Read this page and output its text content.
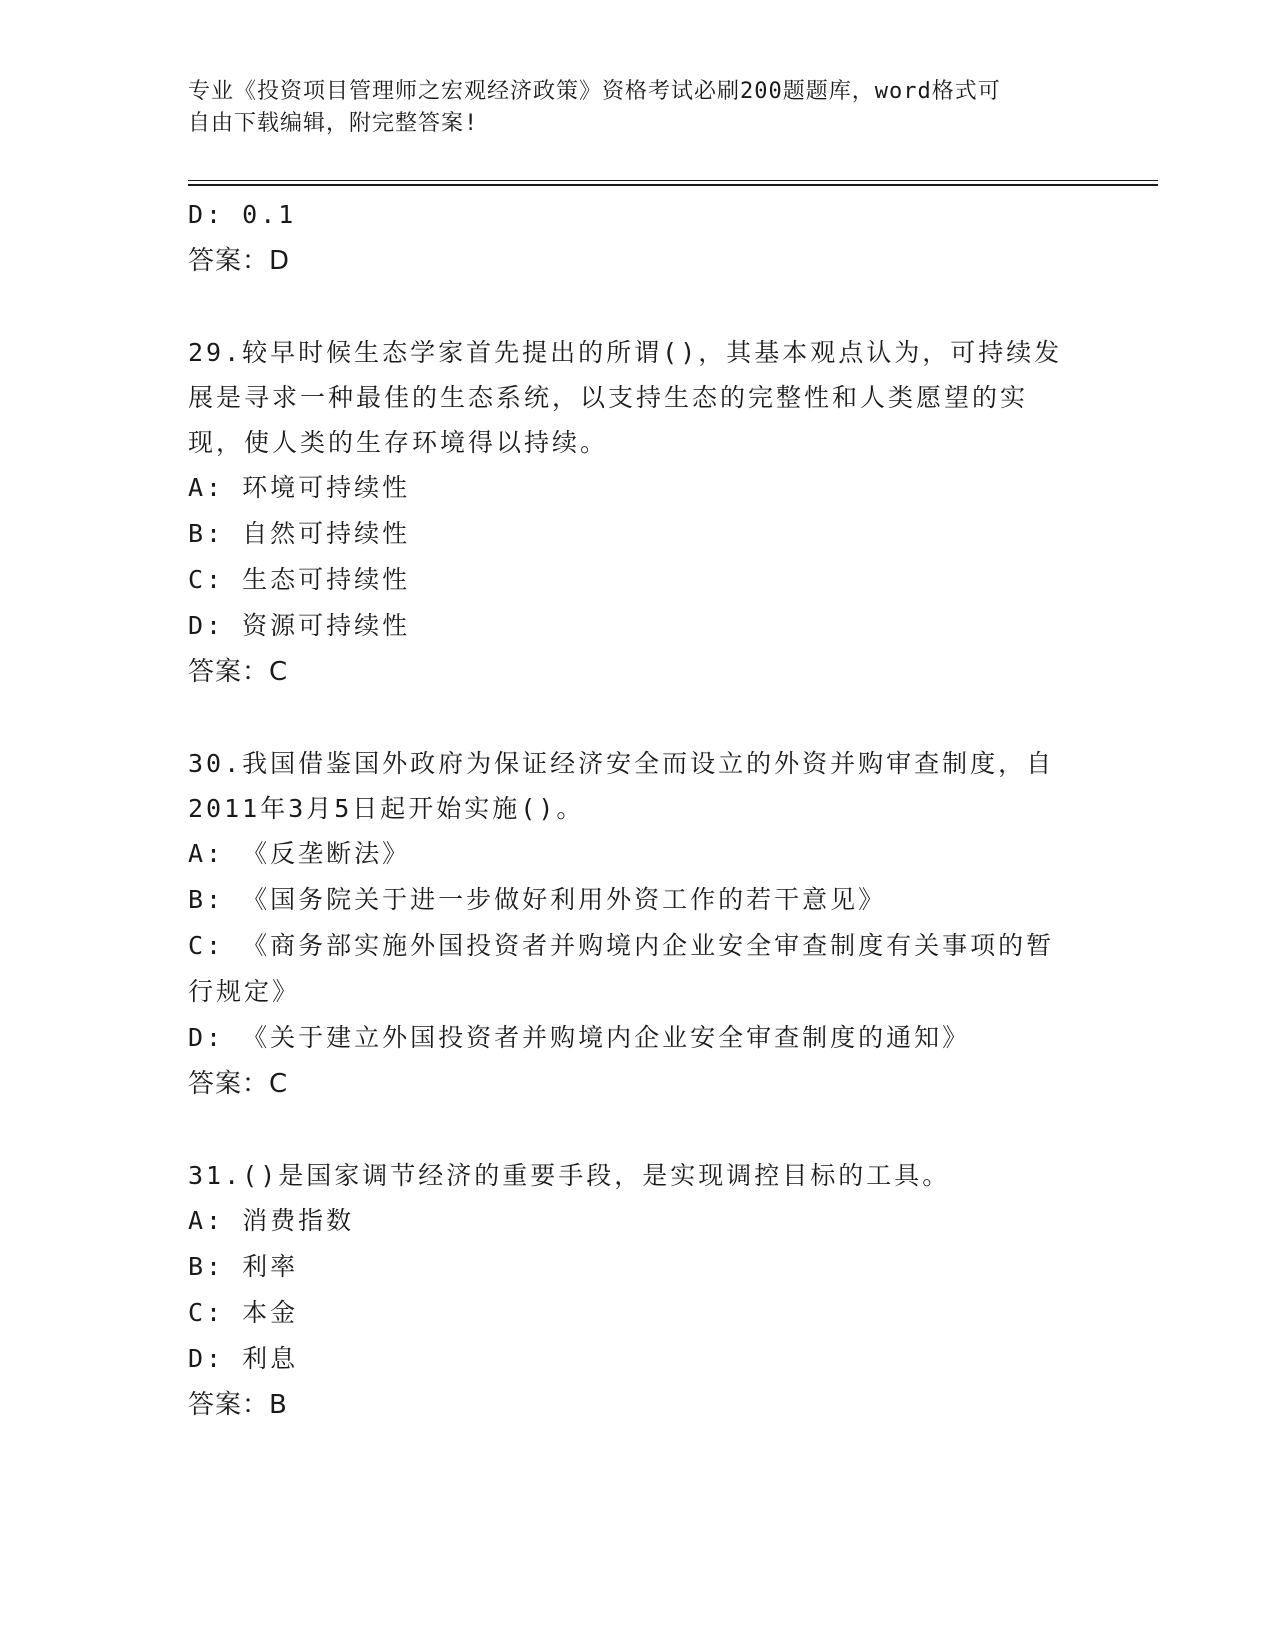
专业《投资项目管理师之宏观经济政策》资格考试必刷200题题库，word格式可
自由下载编辑，附完整答案!

D: 0.1

答案：D

29.较早时候生态学家首先提出的所谓()，其基本观点认为，可持续发

展是寻求一种最佳的生态系统，以支持生态的完整性和人类愿望的实

现，使人类的生存环境得以持续。

A: 环境可持续性

B: 自然可持续性

C: 生态可持续性

D: 资源可持续性

答案：C

30.我国借鉴国外政府为保证经济安全而设立的外资并购审查制度，自

2011年3月5日起开始实施()。

A: 《反垄断法》

B: 《国务院关于进一步做好利用外资工作的若干意见》

C: 《商务部实施外国投资者并购境内企业安全审查制度有关事项的暂

行规定》

D: 《关于建立外国投资者并购境内企业安全审查制度的通知》

答案：C

31.()是国家调节经济的重要手段，是实现调控目标的工具。

A: 消费指数

B: 利率

C: 本金

D: 利息

答案：B
